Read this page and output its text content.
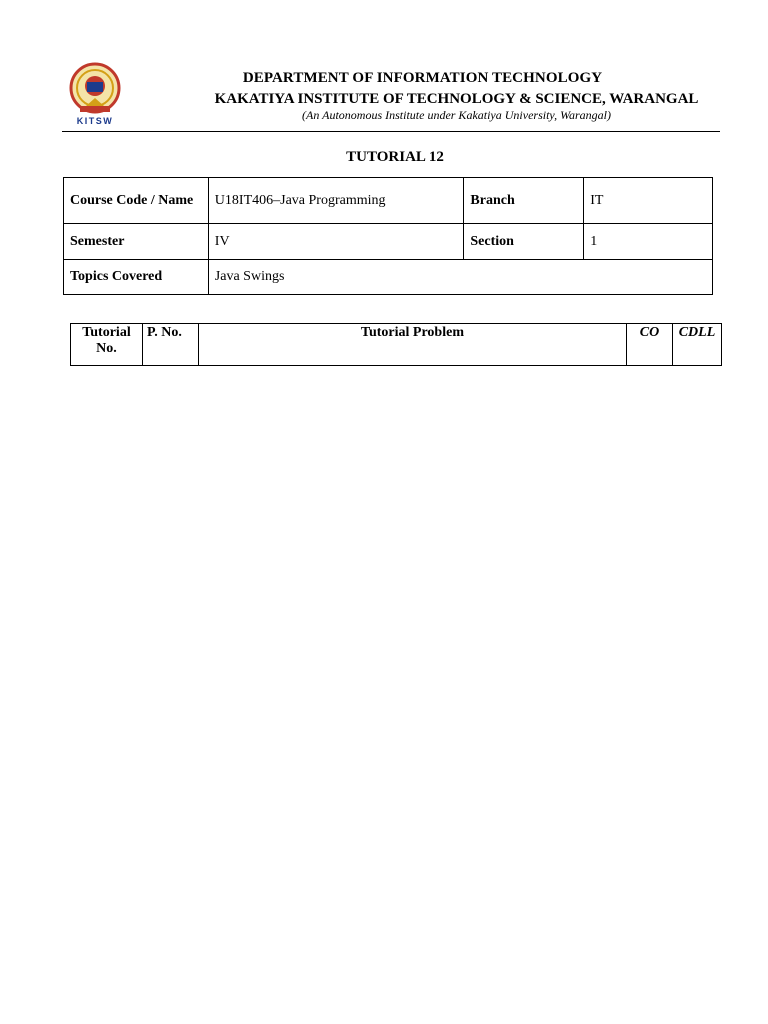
KITSW
DEPARTMENT OF INFORMATION TECHNOLOGY
KAKATIYA INSTITUTE OF TECHNOLOGY & SCIENCE, WARANGAL
(An Autonomous Institute under Kakatiya University, Warangal)
TUTORIAL 12
Course Code / Name	U18IT406–Java Programming	Branch	IT
Semester	IV	Section	1
Topics Covered	Java Swings		
Tutorial No.	P. No.	Tutorial Problem	CO	CDLL
